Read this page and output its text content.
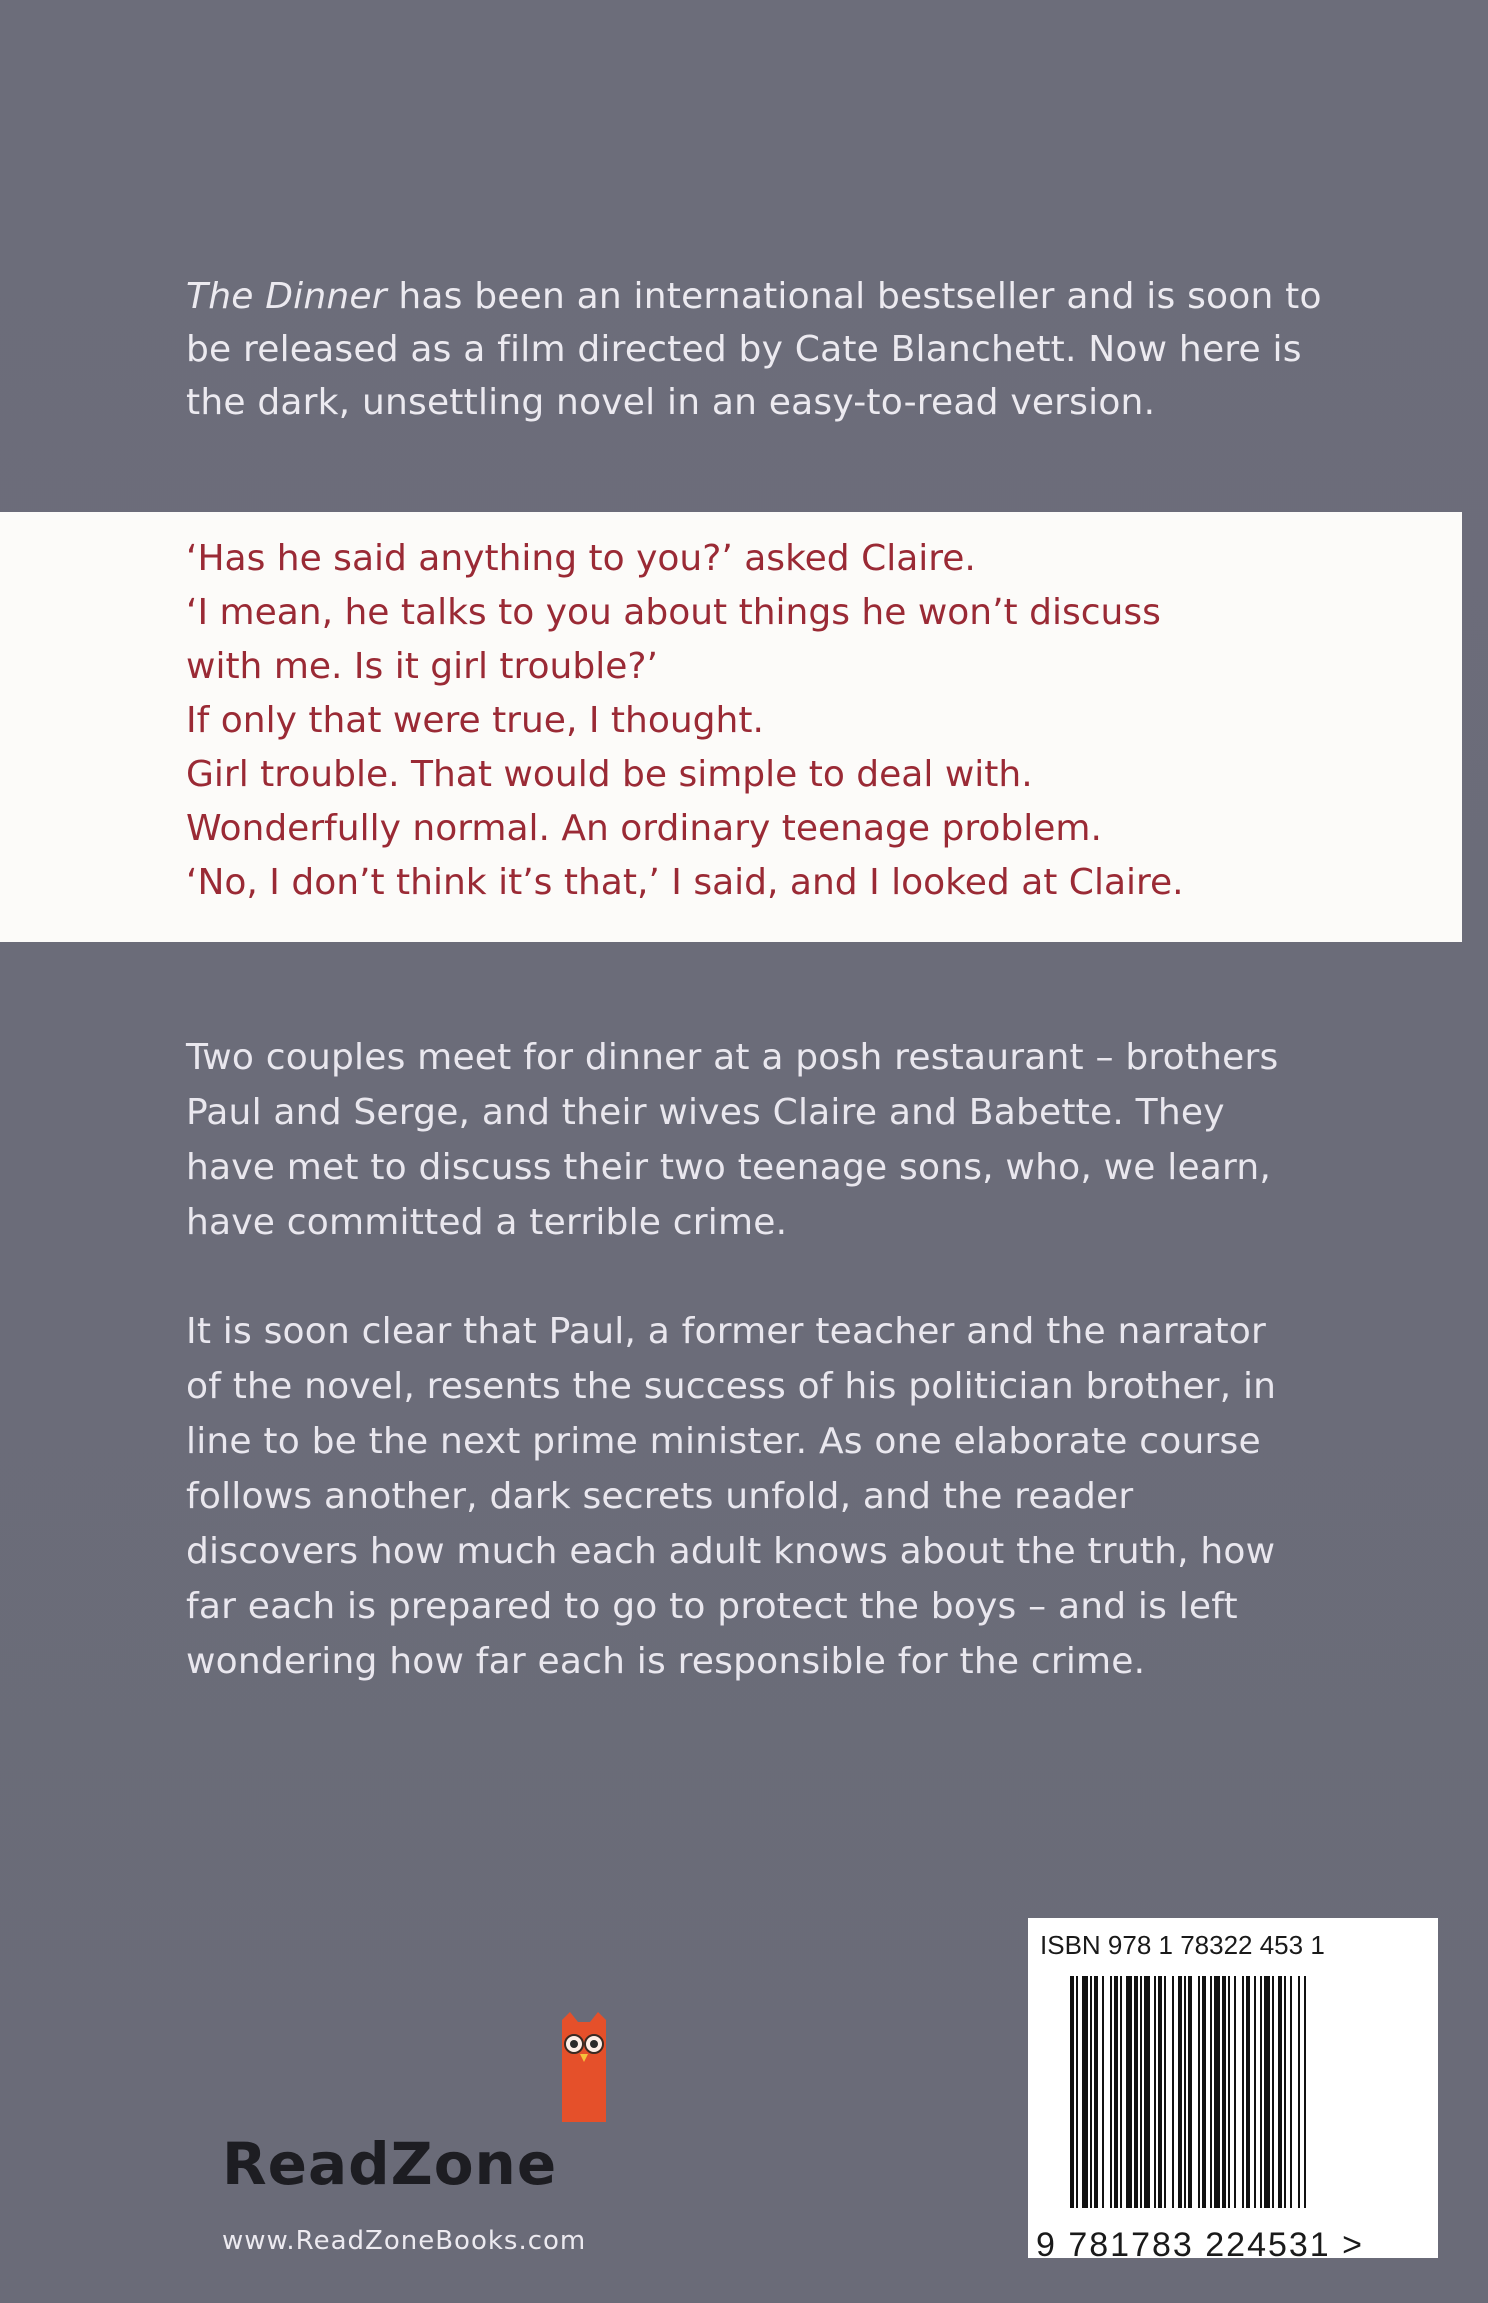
The Dinner has been an international bestseller and is soon to be released as a film directed by Cate Blanchett. Now here is the dark, unsettling novel in an easy-to-read version.
‘Has he said anything to you?’ asked Claire.
‘I mean, he talks to you about things he won’t discuss
with me. Is it girl trouble?’
If only that were true, I thought.
Girl trouble. That would be simple to deal with.
Wonderfully normal. An ordinary teenage problem.
‘No, I don’t think it’s that,’ I said, and I looked at Claire.
Two couples meet for dinner at a posh restaurant – brothers Paul and Serge, and their wives Claire and Babette. They have met to discuss their two teenage sons, who, we learn, have committed a terrible crime.
It is soon clear that Paul, a former teacher and the narrator of the novel, resents the success of his politician brother, in line to be the next prime minister. As one elaborate course follows another, dark secrets unfold, and the reader discovers how much each adult knows about the truth, how far each is prepared to go to protect the boys – and is left wondering how far each is responsible for the crime.
ReadZone
www.ReadZoneBooks.com
ISBN 978 1 78322 453 1
9 781783 224531 >
